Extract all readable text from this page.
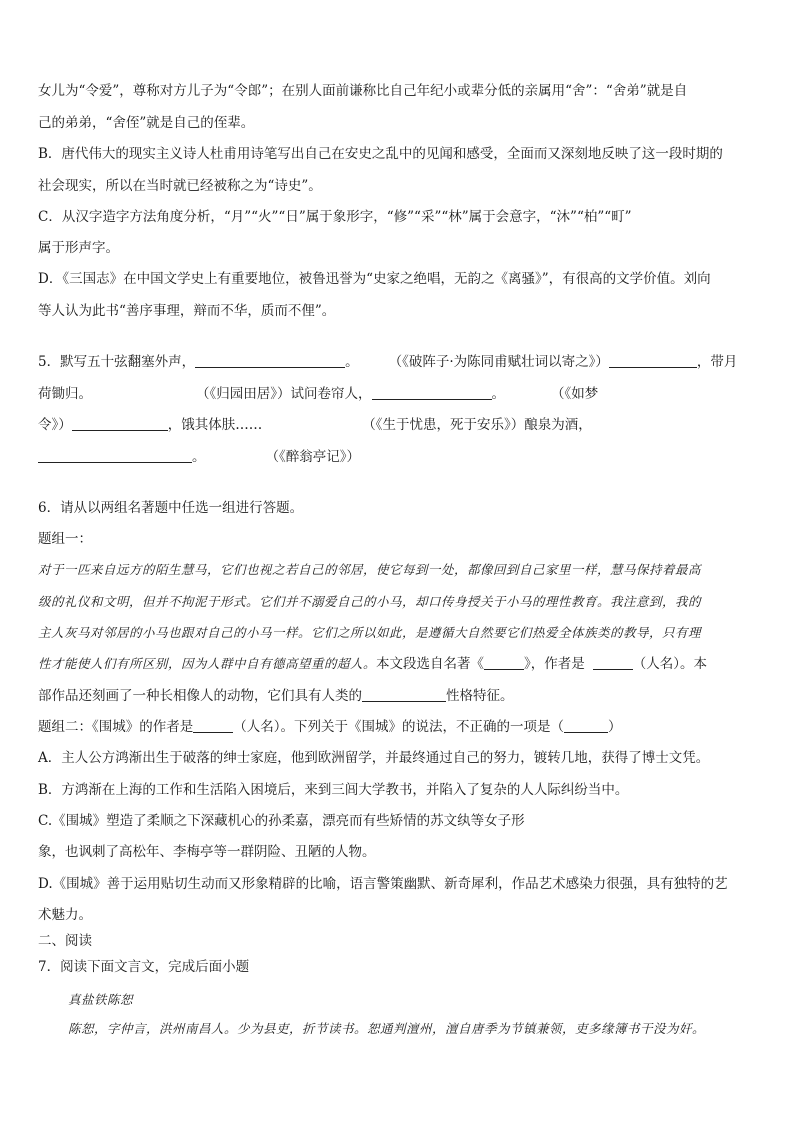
女儿为“令爱”，尊称对方儿子为“令郎”；在别人面前谦称比自己年纪小或辈分低的亲属用“舍”：“舍弟”就是自
己的弟弟，“舍侄”就是自己的侄辈。
B．唐代伟大的现实主义诗人杜甫用诗笔写出自己在安史之乱中的见闻和感受，全面而又深刻地反映了这一段时期的
社会现实，所以在当时就已经被称之为“诗史”。
C．从汉字造字方法角度分析，“月”“火”“日”属于象形字，“修”“采”“林”属于会意字，“沐”“柏”“町”
属于形声字。
D．《三国志》在中国文学史上有重要地位，被鲁迅誉为“史家之绝唱，无韵之《离骚》”，有很高的文学价值。刘向
等人认为此书“善序事理，辩而不华，质而不俚”。
5．默写五十弦翻塞外声，	。 （《破阵子·为陈同甫赋壮词以寄之》）	，带月
荷锄归。	（《归园田居》）试问卷帘人，	。	（《如梦
令》）	，饿其体肤……	（《生于忧患，死于安乐》）酿泉为酒，
。	（《醉翁亭记》）
6．请从以两组名著题中任选一组进行答题。
题组一：
对于一匹来自远方的陌生慧马，它们也视之若自己的邻居，使它每到一处，都像回到自己家里一样，慧马保持着最高
级的礼仪和文明，但并不拘泥于形式。它们并不溺爱自己的小马，却口传身授关于小马的理性教育。我注意到，我的
主人灰马对邻居的小马也跟对自己的小马一样。它们之所以如此，是遵循大自然要它们热爱全体族类的教导，只有理
性才能使人们有所区别，因为人群中自有德高望重的超人。本文段选自名著《	》，作者是	（人名）。本
部作品还刻画了一种长相像人的动物，它们具有人类的	性格特征。
题组二：《围城》的作者是	（人名）。下列关于《围城》的说法，不正确的一项是（	）
A．主人公方鸿渐出生于破落的绅士家庭，他到欧洲留学，并最终通过自己的努力，镀转几地，获得了博士文凭。
B．方鸿渐在上海的工作和生活陷入困境后，来到三闾大学教书，并陷入了复杂的人人际纠纷当中。
C.《围城》塑造了柔顺之下深藏机心的孙柔嘉，漂亮而有些矫情的苏文纨等女子形
象，也讽刺了高松年、李梅亭等一群阴险、丑陋的人物。
D.《围城》善于运用贴切生动而又形象精辟的比喻，语言警策幽默、新奇犀利，作品艺术感染力很强，具有独特的艺
术魅力。
二、阅读
7．阅读下面文言文，完成后面小题
真盐铁陈恕
陈恕，字仲言，洪州南昌人。少为县吏，折节读书。恕通判澶州，澶自唐季为节镇兼领，吏多缘簿书干没为奸。
